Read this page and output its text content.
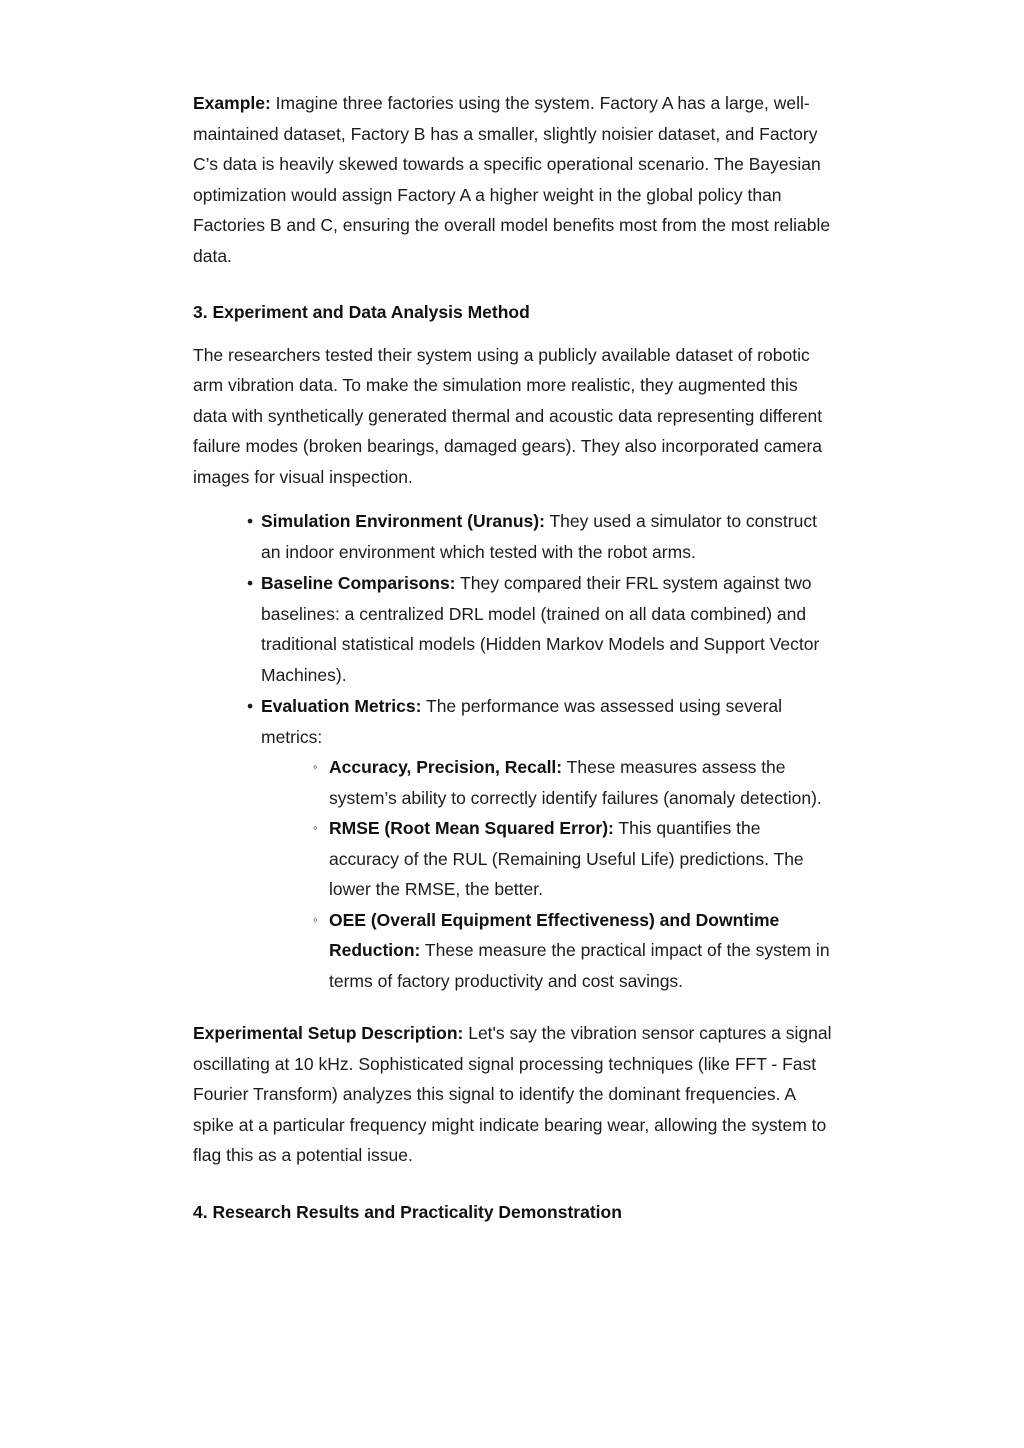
Example: Imagine three factories using the system. Factory A has a large, well-maintained dataset, Factory B has a smaller, slightly noisier dataset, and Factory C’s data is heavily skewed towards a specific operational scenario. The Bayesian optimization would assign Factory A a higher weight in the global policy than Factories B and C, ensuring the overall model benefits most from the most reliable data.

3. Experiment and Data Analysis Method

The researchers tested their system using a publicly available dataset of robotic arm vibration data. To make the simulation more realistic, they augmented this data with synthetically generated thermal and acoustic data representing different failure modes (broken bearings, damaged gears). They also incorporated camera images for visual inspection.

• Simulation Environment (Uranus): They used a simulator to construct an indoor environment which tested with the robot arms.
• Baseline Comparisons: They compared their FRL system against two baselines: a centralized DRL model (trained on all data combined) and traditional statistical models (Hidden Markov Models and Support Vector Machines).
• Evaluation Metrics: The performance was assessed using several metrics:
◦ Accuracy, Precision, Recall: These measures assess the system’s ability to correctly identify failures (anomaly detection).
◦ RMSE (Root Mean Squared Error): This quantifies the accuracy of the RUL (Remaining Useful Life) predictions. The lower the RMSE, the better.
◦ OEE (Overall Equipment Effectiveness) and Downtime Reduction: These measure the practical impact of the system in terms of factory productivity and cost savings.

Experimental Setup Description: Let's say the vibration sensor captures a signal oscillating at 10 kHz. Sophisticated signal processing techniques (like FFT - Fast Fourier Transform) analyzes this signal to identify the dominant frequencies. A spike at a particular frequency might indicate bearing wear, allowing the system to flag this as a potential issue.

4. Research Results and Practicality Demonstration
